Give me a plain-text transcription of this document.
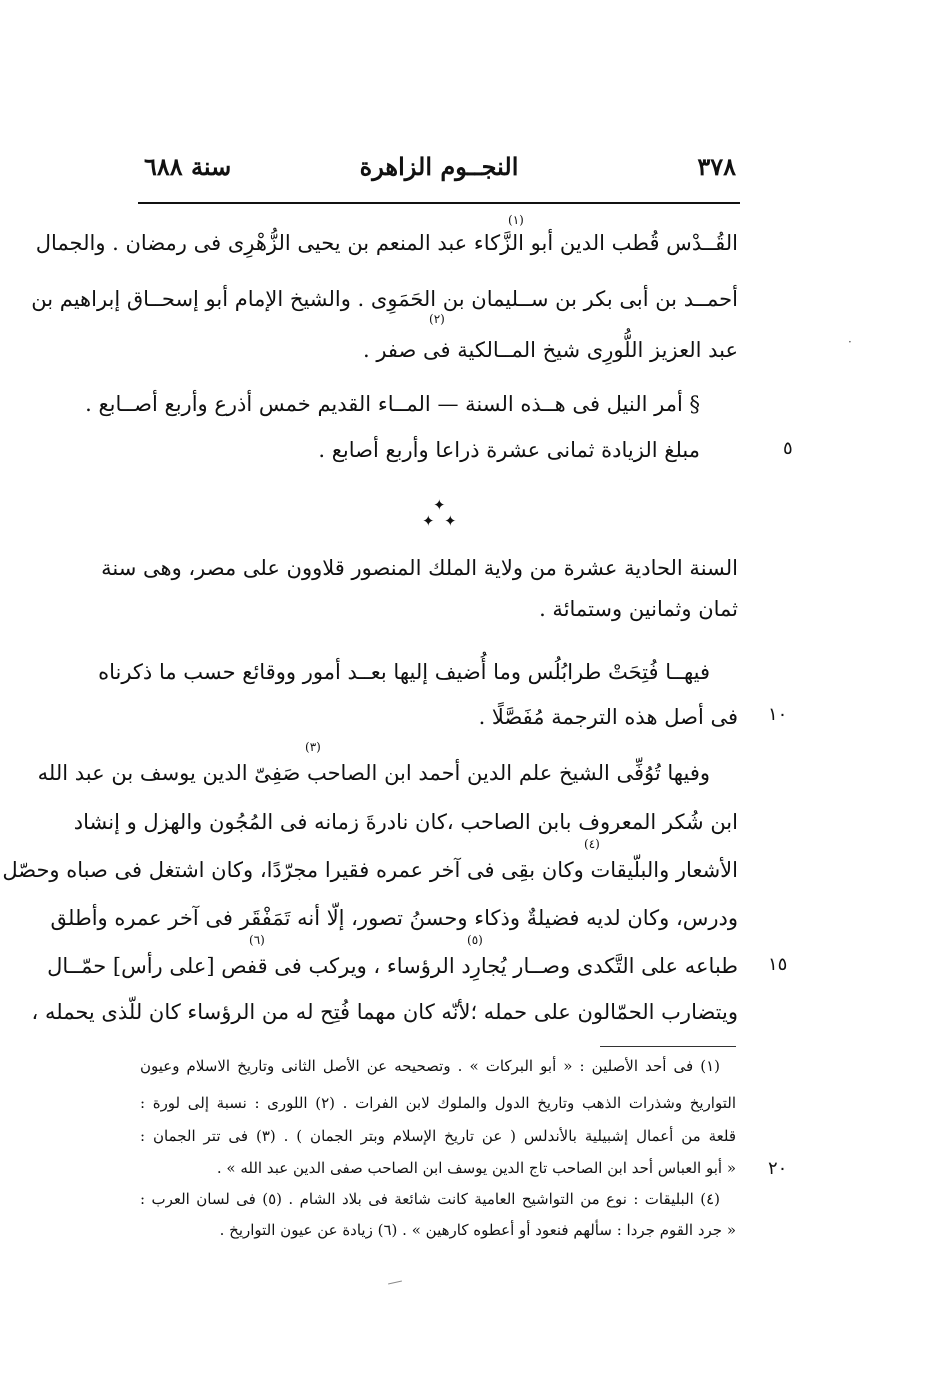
٣٧٨
النجــوم الزاهرة
سنة ٦٨٨
القُــدْس قُطب الدين أبو الزَّكاء عبد المنعم بن يحيى الزُّهْرِى فى رمضان . والجمال
أحمــد بن أبى بكر بن ســليمان بن الحَمَوِى . والشيخ الإمام أبو إسحــاق إبراهيم بن
عبد العزيز اللُّورِى شيخ المــالكية فى صفر .
§ أمر النيل فى هــذه السنة — المــاء القديم خمس أذرع وأربع أصــابع .
مبلغ الزيادة ثمانى عشرة ذراعا وأربع أصابع .
السنة الحادية عشرة من ولاية الملك المنصور قلاوون على مصر، وهى سنة
ثمان وثمانين وستمائة .
فيهــا فُتِحَتْ طرابُلُس وما أُضيف إليها بعــد أمور ووقائع حسب ما ذكرناه
فى أصل هذه الترجمة مُفَصَّلًا .
وفيها تُوُفِّى الشيخ علم الدين أحمد ابن الصاحب صَفِىّ الدين يوسف بن عبد الله
ابن شُكر المعروف بابن الصاحب ،كان نادرةَ زمانه فى المُجُون والهزل و إنشاد
الأشعار والبلّيقات وكان بقِى فى آخر عمره فقيرا مجرّدًا، وكان اشتغل فى صباه وحصّل
ودرس، وكان لديه فضيلةٌ وذكاء وحسنُ تصور، إلّا أنه تَمَفْقَر فى آخر عمره وأطلق
طباعه على التَّكدى وصــار يُجارِد الرؤساء ، ويركب فى قفص [على رأس] حمّــال
ويتضارب الحمّالون على حمله ؛لأنّه كان مهما فُتِح له من الرؤساء كان للّذى يحمله ،
(١)
(٢)
(٣)
(٤)
(٥)
(٦)
✦
✦ ✦
٥
١٠
١٥
٢٠
·
(١) فى أحد الأصلين : « أبو البركات » . وتصحيحه عن الأصل الثانى وتاريخ الاسلام وعيون
التواريخ وشذرات الذهب وتاريخ الدول والملوك لابن الفرات . (٢) اللورى : نسبة إلى لورة :
قلعة من أعمال إشبيلية بالأندلس ( عن تاريخ الإسلام وبتر الجمان ) . (٣) فى تتر الجمان :
« أبو العباس أحد ابن الصاحب تاج الدين يوسف ابن الصاحب صفى الدين عبد الله » .
(٤) البليقات : نوع من التواشيح العامية كانت شائعة فى بلاد الشام . (٥) فى لسان العرب :
« جرد القوم جردا : سألهم فنعود أو أعطوه كارهين » . (٦) زيادة عن عيون التواريخ .
